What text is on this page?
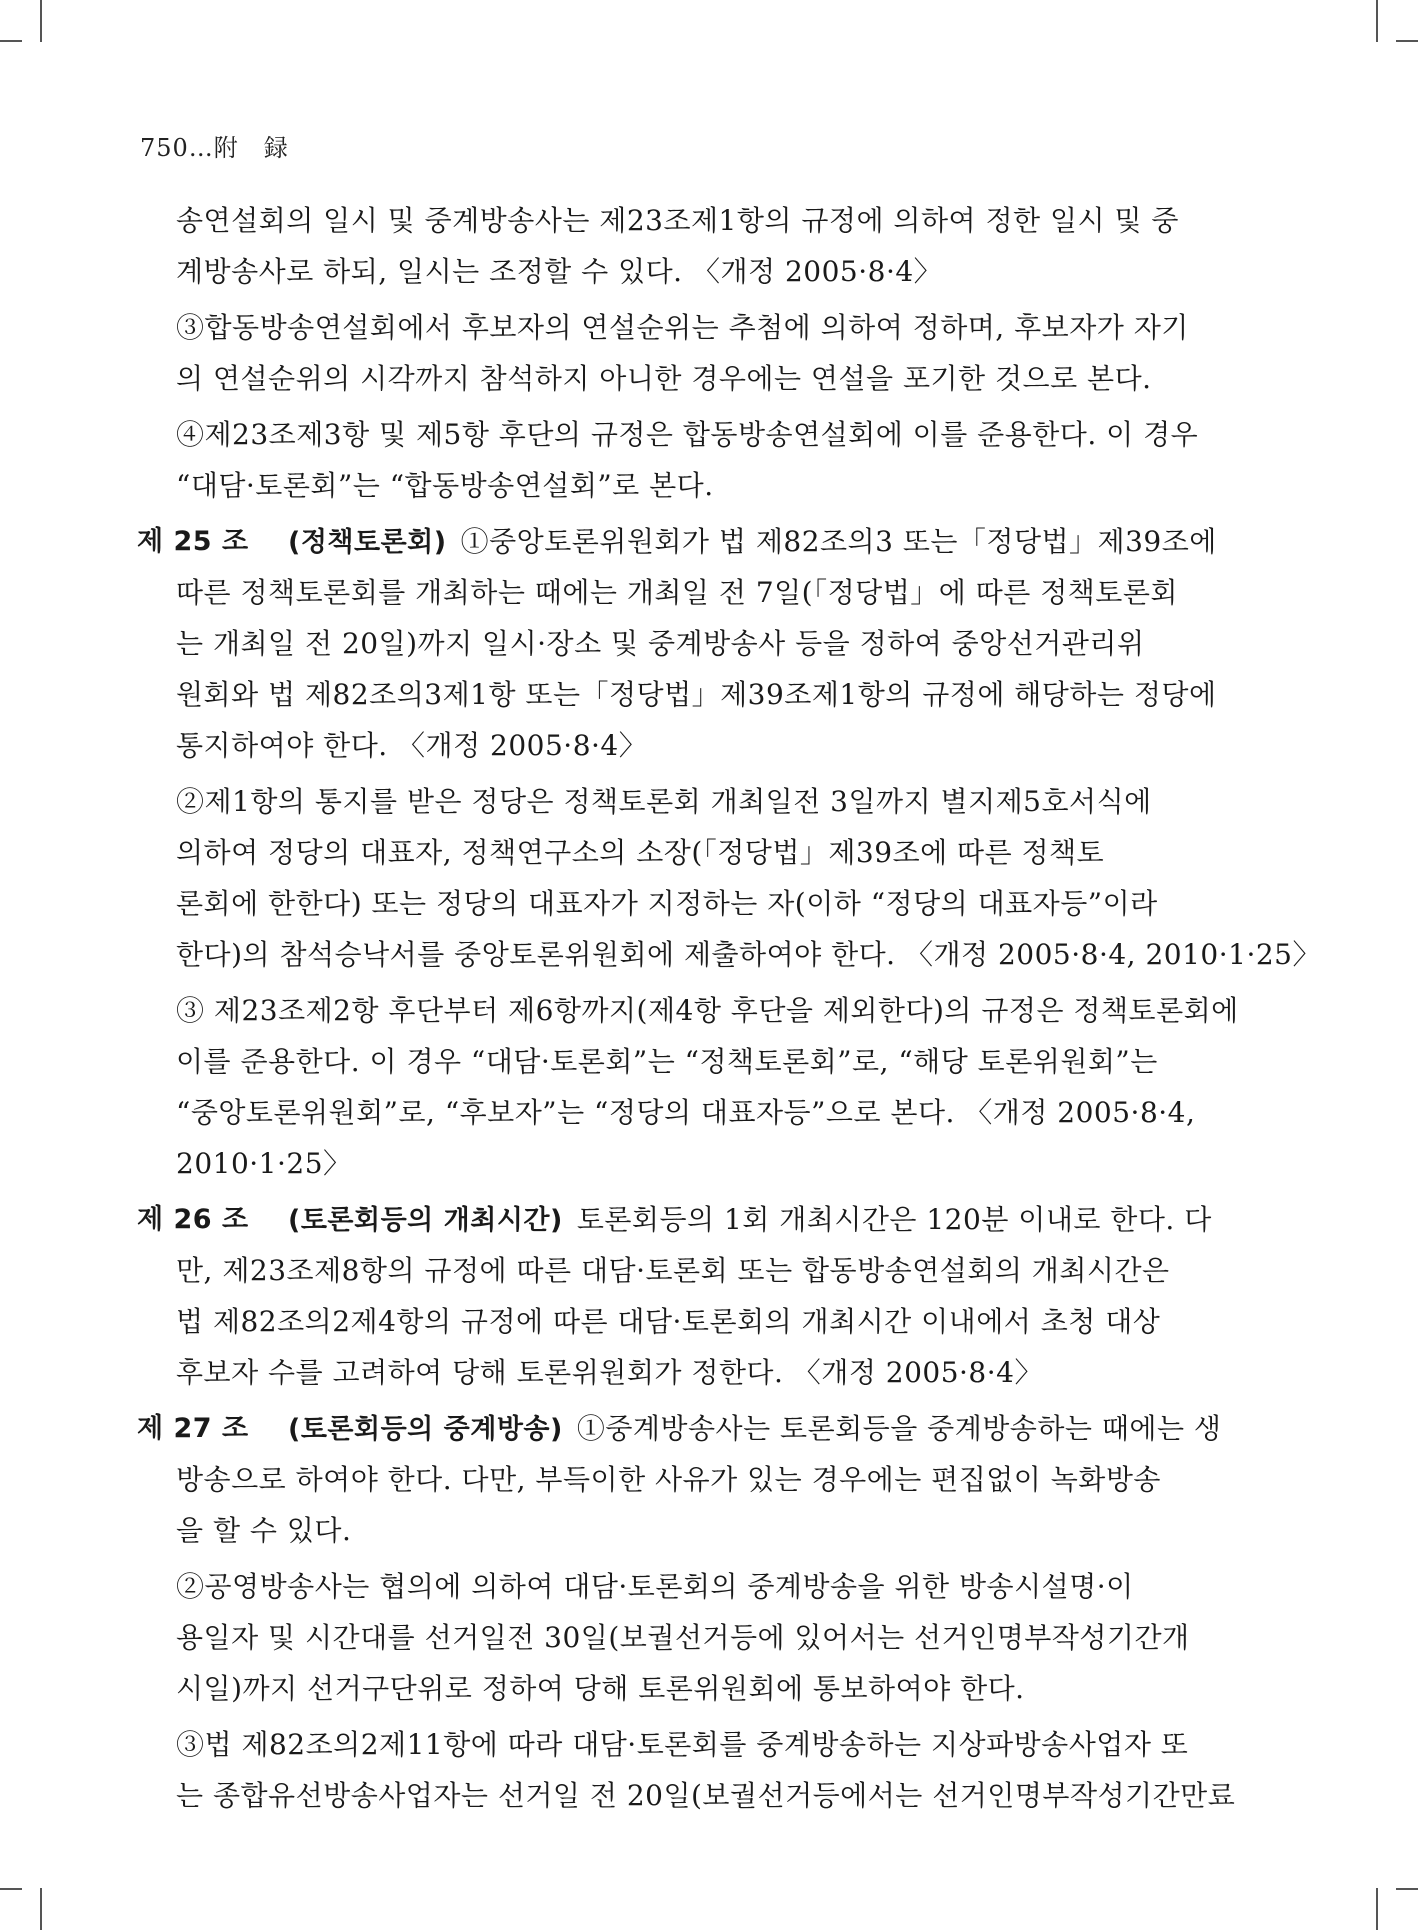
750…附　録
송연설회의 일시 및 중계방송사는 제23조제1항의 규정에 의하여 정한 일시 및 중
계방송사로 하되, 일시는 조정할 수 있다. 〈개정 2005·8·4〉
③합동방송연설회에서 후보자의 연설순위는 추첨에 의하여 정하며, 후보자가 자기
의 연설순위의 시각까지 참석하지 아니한 경우에는 연설을 포기한 것으로 본다.
④제23조제3항 및 제5항 후단의 규정은 합동방송연설회에 이를 준용한다. 이 경우
“대담·토론회”는 “합동방송연설회”로 본다.
제 25 조 (정책토론회) ①중앙토론위원회가 법 제82조의3 또는「정당법」제39조에
따른 정책토론회를 개최하는 때에는 개최일 전 7일(「정당법」에 따른 정책토론회
는 개최일 전 20일)까지 일시·장소 및 중계방송사 등을 정하여 중앙선거관리위
원회와 법 제82조의3제1항 또는「정당법」제39조제1항의 규정에 해당하는 정당에
통지하여야 한다. 〈개정 2005·8·4〉
②제1항의 통지를 받은 정당은 정책토론회 개최일전 3일까지 별지제5호서식에
의하여 정당의 대표자, 정책연구소의 소장(「정당법」제39조에 따른 정책토
론회에 한한다) 또는 정당의 대표자가 지정하는 자(이하 “정당의 대표자등”이라
한다)의 참석승낙서를 중앙토론위원회에 제출하여야 한다. 〈개정 2005·8·4, 2010·1·25〉
③ 제23조제2항 후단부터 제6항까지(제4항 후단을 제외한다)의 규정은 정책토론회에
이를 준용한다. 이 경우 “대담·토론회”는 “정책토론회”로, “해당 토론위원회”는
“중앙토론위원회”로, “후보자”는 “정당의 대표자등”으로 본다. 〈개정 2005·8·4,
2010·1·25〉
제 26 조 (토론회등의 개최시간) 토론회등의 1회 개최시간은 120분 이내로 한다. 다
만, 제23조제8항의 규정에 따른 대담·토론회 또는 합동방송연설회의 개최시간은
법 제82조의2제4항의 규정에 따른 대담·토론회의 개최시간 이내에서 초청 대상
후보자 수를 고려하여 당해 토론위원회가 정한다. 〈개정 2005·8·4〉
제 27 조 (토론회등의 중계방송) ①중계방송사는 토론회등을 중계방송하는 때에는 생
방송으로 하여야 한다. 다만, 부득이한 사유가 있는 경우에는 편집없이 녹화방송
을 할 수 있다.
②공영방송사는 협의에 의하여 대담·토론회의 중계방송을 위한 방송시설명·이
용일자 및 시간대를 선거일전 30일(보궐선거등에 있어서는 선거인명부작성기간개
시일)까지 선거구단위로 정하여 당해 토론위원회에 통보하여야 한다.
③법 제82조의2제11항에 따라 대담·토론회를 중계방송하는 지상파방송사업자 또
는 종합유선방송사업자는 선거일 전 20일(보궐선거등에서는 선거인명부작성기간만료
